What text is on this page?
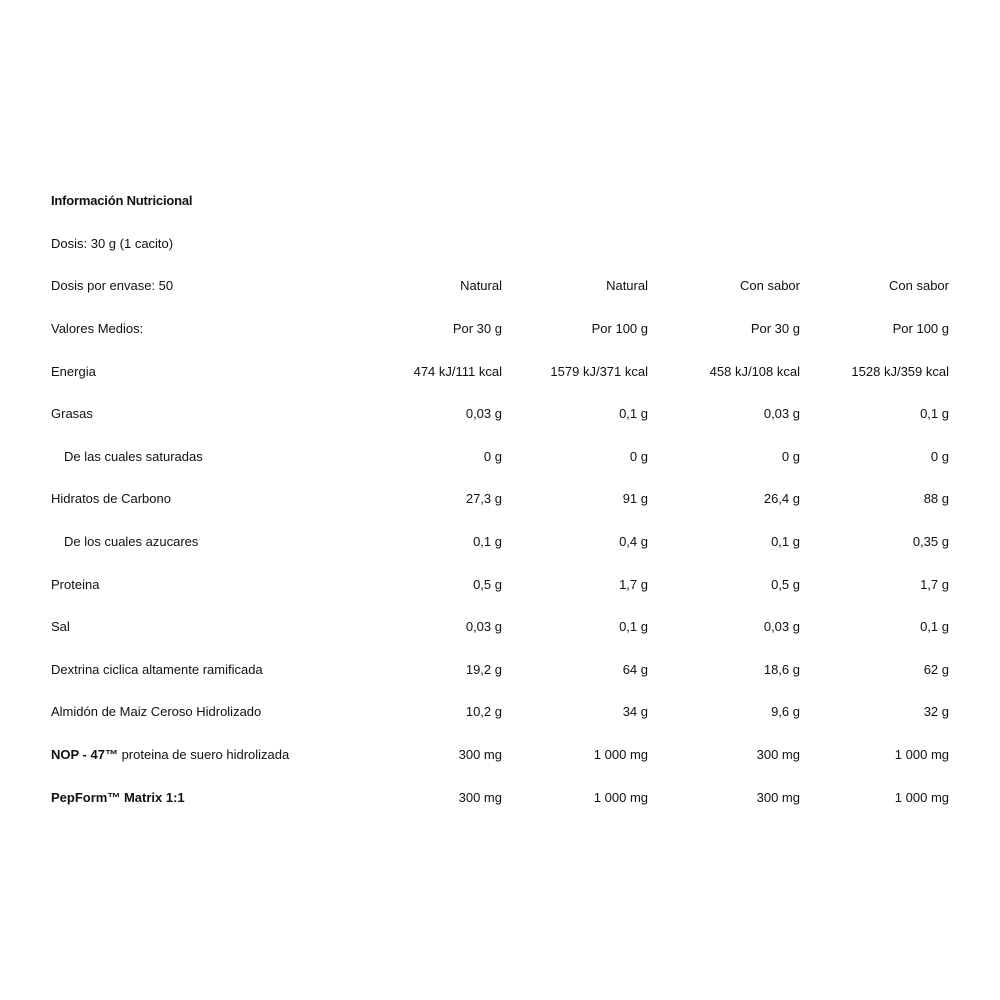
Información Nutricional
Dosis: 30 g (1 cacito)
Dosis por envase: 50	Natural	Natural	Con sabor	Con sabor
Valores Medios:	Por 30 g	Por 100 g	Por 30 g	Por 100 g
Energia	474 kJ/111 kcal	1579 kJ/371 kcal	458 kJ/108 kcal	1528 kJ/359 kcal
Grasas	0,03 g	0,1 g	0,03 g	0,1 g
De las cuales saturadas	0 g	0 g	0 g	0 g
Hidratos de Carbono	27,3 g	91 g	26,4 g	88 g
De los cuales azucares	0,1 g	0,4 g	0,1 g	0,35 g
Proteina	0,5 g	1,7 g	0,5 g	1,7 g
Sal	0,03 g	0,1 g	0,03 g	0,1 g
Dextrina ciclica altamente ramificada	19,2 g	64 g	18,6 g	62 g
Almidón de Maiz Ceroso Hidrolizado	10,2 g	34 g	9,6 g	32 g
NOP - 47™ proteina de suero hidrolizada	300 mg	1 000 mg	300 mg	1 000 mg
PepForm™ Matrix 1:1	300 mg	1 000 mg	300 mg	1 000 mg
